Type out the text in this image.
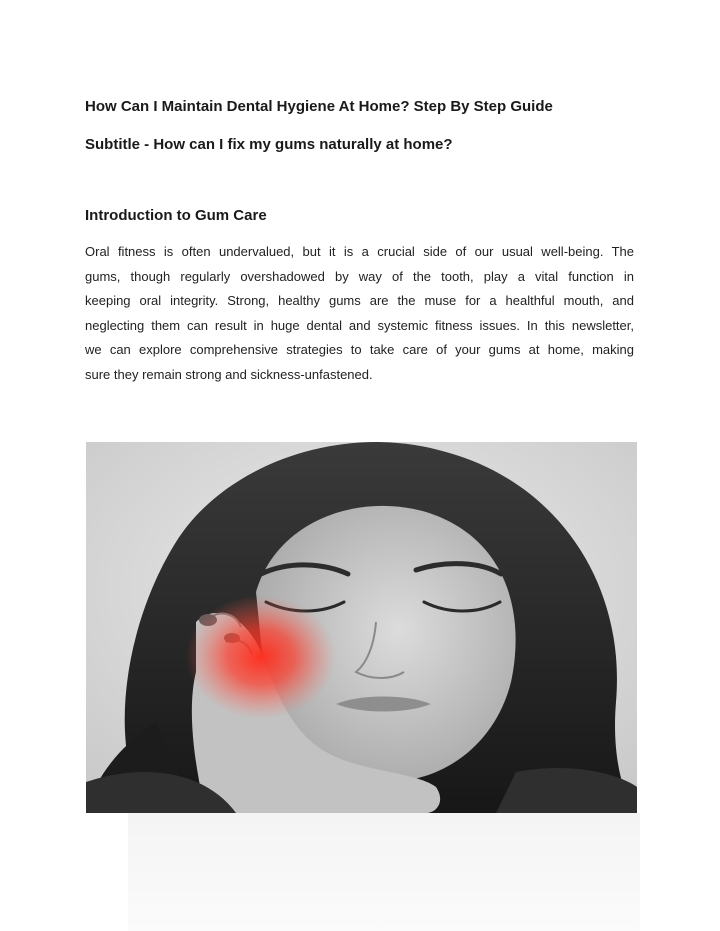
How Can I Maintain Dental Hygiene At Home? Step By Step Guide
Subtitle - How can I fix my gums naturally at home?
Introduction to Gum Care
Oral fitness is often undervalued, but it is a crucial side of our usual well-being. The
gums, though regularly overshadowed by way of the tooth, play a vital function in
keeping oral integrity. Strong, healthy gums are the muse for a healthful mouth, and
neglecting them can result in huge dental and systemic fitness issues. In this newsletter,
we can explore comprehensive strategies to take care of your gums at home, making
sure they remain strong and sickness-unfastened.
